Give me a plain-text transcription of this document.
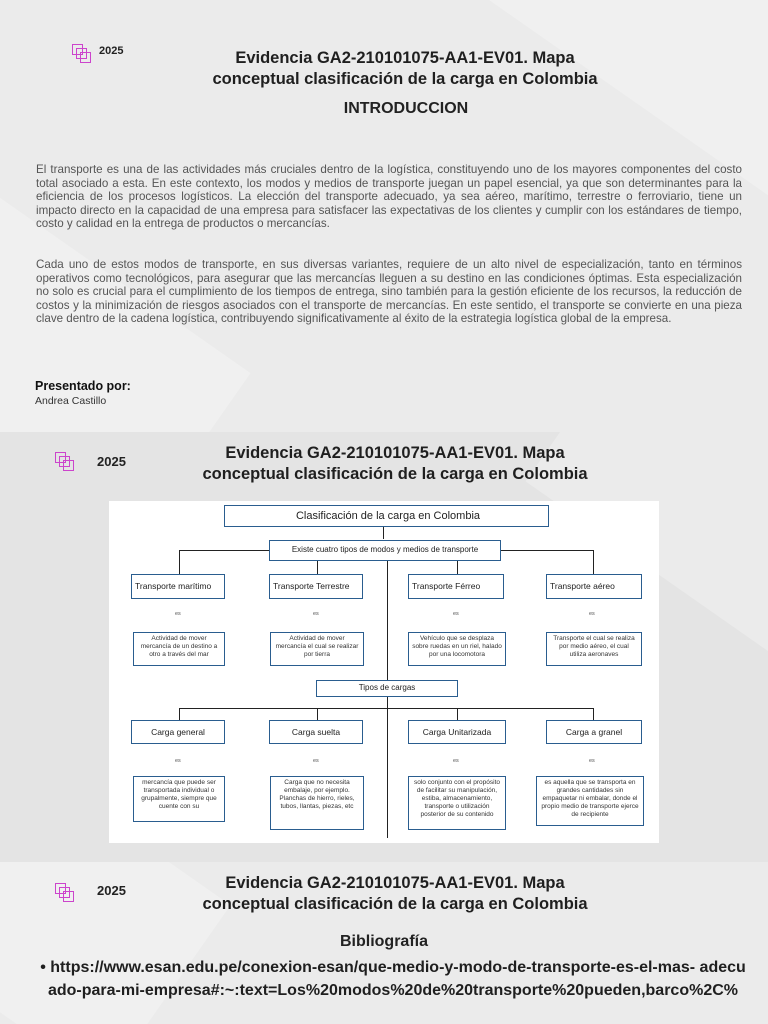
2025	Evidencia GA2-210101075-AA1-EV01. Mapa
conceptual clasificación de la carga en Colombia
INTRODUCCION
El transporte es una de las actividades más cruciales dentro de la logística, constituyendo uno de los mayores componentes del costo total asociado a esta. En este contexto, los modos y medios de transporte juegan un papel esencial, ya que son determinantes para la eficiencia de los procesos logísticos. La elección del transporte adecuado, ya sea aéreo, marítimo, terrestre o ferroviario, tiene un impacto directo en la capacidad de una empresa para satisfacer las expectativas de los clientes y cumplir con los estándares de tiempo, costo y calidad en la entrega de productos o mercancías.
Cada uno de estos modos de transporte, en sus diversas variantes, requiere de un alto nivel de especialización, tanto en términos operativos como tecnológicos, para asegurar que las mercancías lleguen a su destino en las condiciones óptimas. Esta especialización no solo es crucial para el cumplimiento de los tiempos de entrega, sino también para la gestión eficiente de los recursos, la reducción de costos y la minimización de riesgos asociados con el transporte de mercancías. En este sentido, el transporte se convierte en una pieza clave dentro de la cadena logística, contribuyendo significativamente al éxito de la estrategia logística global de la empresa.
Presentado por:
Andrea Castillo
2025	Evidencia GA2-210101075-AA1-EV01. Mapa
conceptual clasificación de la carga en Colombia
Clasificación de la carga en Colombia
Existe cuatro tipos de modos y medios de transporte
Transporte marítimo	Transporte Terrestre	Transporte Férreo	Transporte aéreo
es	es	es	es
Actividad de mover mercancía de un destino a otro a través del mar
Actividad de mover mercancía el cual se realizar por tierra
Vehículo que se desplaza sobre ruedas en un riel, halado por una locomotora
Transporte el cual se realiza por medio aéreo, el cual utiliza aeronaves
Tipos de cargas
Carga general	Carga suelta	Carga Unitarizada	Carga a granel
es	es	es	es
mercancía que puede ser transportada individual o grupalmente, siempre que cuente con su
Carga que no necesita embalaje, por ejemplo. Planchas de hierro, rieles, tubos, llantas, piezas, etc
solo conjunto con el propósito de facilitar su manipulación, estiba, almacenamiento, transporte o utilización posterior de su contenido
es aquella que se transporta en grandes cantidades sin empaquetar ni embalar, donde el propio medio de transporte ejerce de recipiente
2025	Evidencia GA2-210101075-AA1-EV01. Mapa
conceptual clasificación de la carga en Colombia
Bibliografía
• https://www.esan.edu.pe/conexion-esan/que-medio-y-modo-de-transporte-es-el-mas- adecuado-para-mi-empresa#:~:text=Los%20modos%20de%20transporte%20pueden,barco%2C%
